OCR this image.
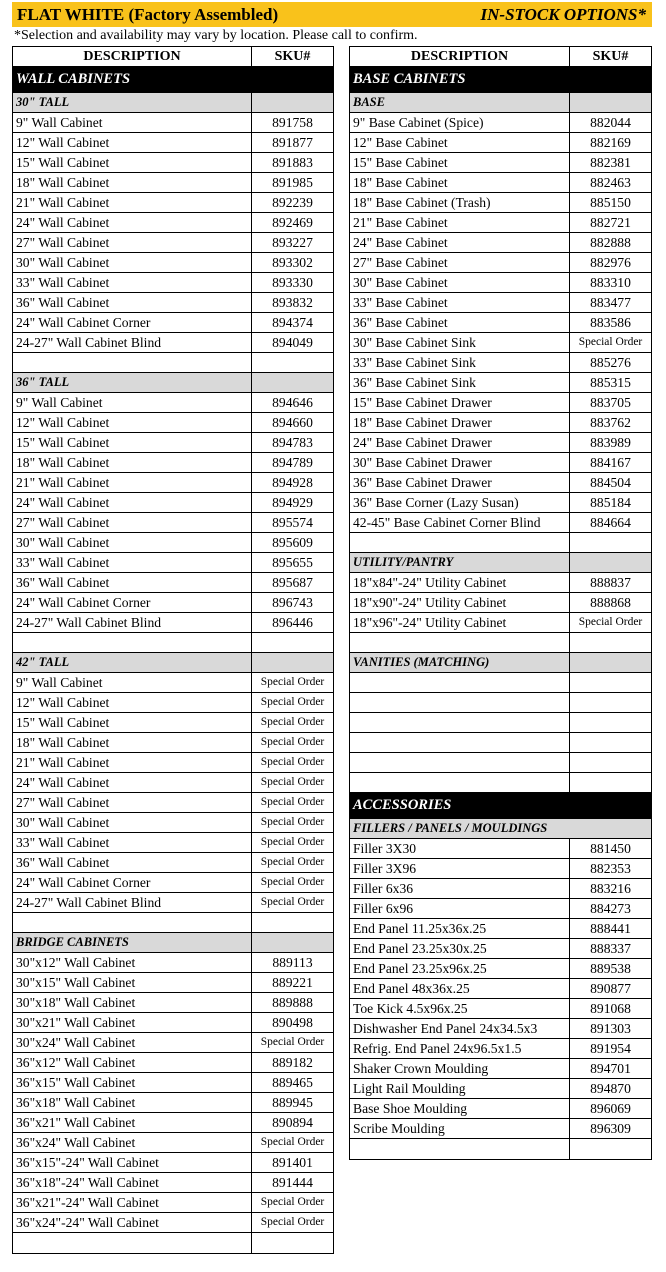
FLAT WHITE (Factory Assembled)	IN-STOCK OPTIONS*
*Selection and availability may vary by location. Please call to confirm.
DESCRIPTION	SKU#
WALL CABINETS
30" TALL
9" Wall Cabinet	891758
12" Wall Cabinet	891877
15" Wall Cabinet	891883
18" Wall Cabinet	891985
21" Wall Cabinet	892239
24" Wall Cabinet	892469
27" Wall Cabinet	893227
30" Wall Cabinet	893302
33" Wall Cabinet	893330
36" Wall Cabinet	893832
24" Wall Cabinet Corner	894374
24-27" Wall Cabinet Blind	894049
36" TALL
9" Wall Cabinet	894646
12" Wall Cabinet	894660
15" Wall Cabinet	894783
18" Wall Cabinet	894789
21" Wall Cabinet	894928
24" Wall Cabinet	894929
27" Wall Cabinet	895574
30" Wall Cabinet	895609
33" Wall Cabinet	895655
36" Wall Cabinet	895687
24" Wall Cabinet Corner	896743
24-27" Wall Cabinet Blind	896446
42" TALL
9" Wall Cabinet	Special Order
12" Wall Cabinet	Special Order
15" Wall Cabinet	Special Order
18" Wall Cabinet	Special Order
21" Wall Cabinet	Special Order
24" Wall Cabinet	Special Order
27" Wall Cabinet	Special Order
30" Wall Cabinet	Special Order
33" Wall Cabinet	Special Order
36" Wall Cabinet	Special Order
24" Wall Cabinet Corner	Special Order
24-27" Wall Cabinet Blind	Special Order
BRIDGE CABINETS
30"x12" Wall Cabinet	889113
30"x15" Wall Cabinet	889221
30"x18" Wall Cabinet	889888
30"x21" Wall Cabinet	890498
30"x24" Wall Cabinet	Special Order
36"x12" Wall Cabinet	889182
36"x15" Wall Cabinet	889465
36"x18" Wall Cabinet	889945
36"x21" Wall Cabinet	890894
36"x24" Wall Cabinet	Special Order
36"x15"-24" Wall Cabinet	891401
36"x18"-24" Wall Cabinet	891444
36"x21"-24" Wall Cabinet	Special Order
36"x24"-24" Wall Cabinet	Special Order
DESCRIPTION	SKU#
BASE CABINETS
BASE
9" Base Cabinet (Spice)	882044
12" Base Cabinet	882169
15" Base Cabinet	882381
18" Base Cabinet	882463
18" Base Cabinet (Trash)	885150
21" Base Cabinet	882721
24" Base Cabinet	882888
27" Base Cabinet	882976
30" Base Cabinet	883310
33" Base Cabinet	883477
36" Base Cabinet	883586
30" Base Cabinet Sink	Special Order
33" Base Cabinet Sink	885276
36" Base Cabinet Sink	885315
15" Base Cabinet Drawer	883705
18" Base Cabinet Drawer	883762
24" Base Cabinet Drawer	883989
30" Base Cabinet Drawer	884167
36" Base Cabinet Drawer	884504
36" Base Corner (Lazy Susan)	885184
42-45" Base Cabinet Corner Blind	884664
UTILITY/PANTRY
18"x84"-24" Utility Cabinet	888837
18"x90"-24" Utility Cabinet	888868
18"x96"-24" Utility Cabinet	Special Order
VANITIES (MATCHING)
ACCESSORIES
FILLERS / PANELS / MOULDINGS
Filler 3X30	881450
Filler 3X96	882353
Filler 6x36	883216
Filler 6x96	884273
End Panel 11.25x36x.25	888441
End Panel 23.25x30x.25	888337
End Panel 23.25x96x.25	889538
End Panel 48x36x.25	890877
Toe Kick 4.5x96x.25	891068
Dishwasher End Panel 24x34.5x3	891303
Refrig. End Panel 24x96.5x1.5	891954
Shaker Crown Moulding	894701
Light Rail Moulding	894870
Base Shoe Moulding	896069
Scribe Moulding	896309
